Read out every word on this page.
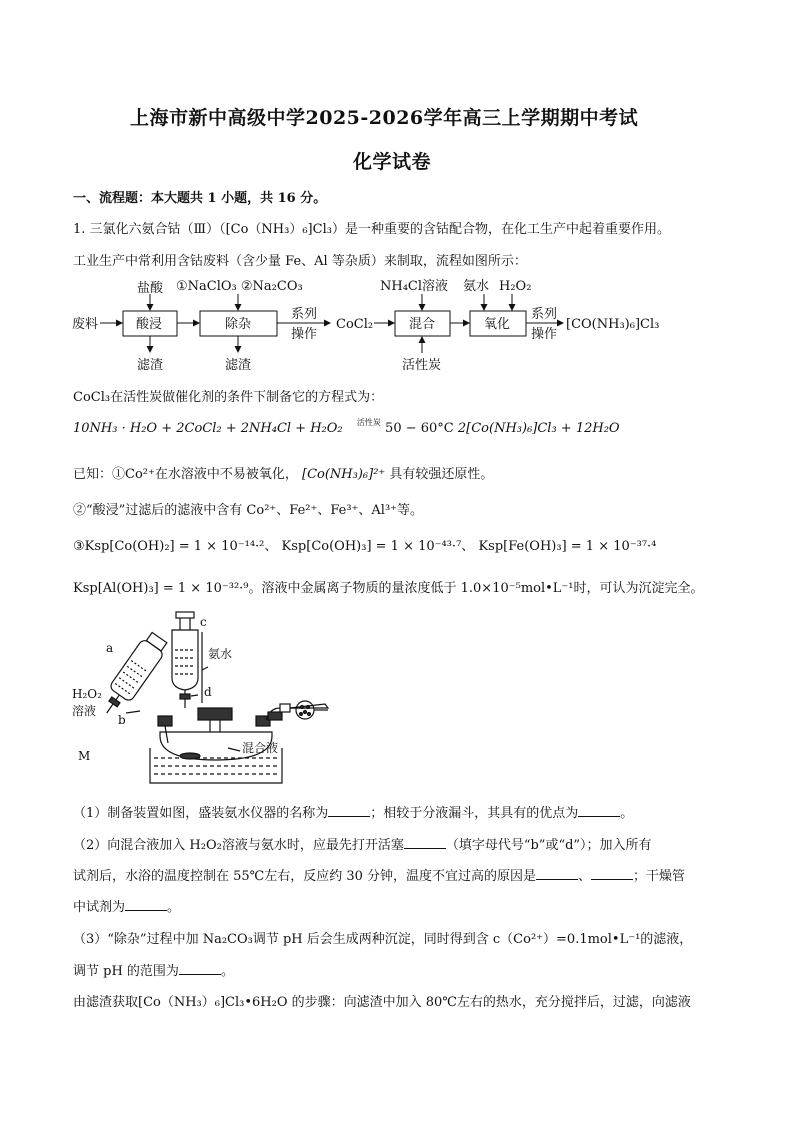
上海市新中高级中学2025-2026学年高三上学期期中考试
化学试卷
一、流程题：本大题共 1 小题，共 16 分。
1. 三氯化六氨合钴（Ⅲ）（[Co（NH₃）₆]Cl₃）是一种重要的含钴配合物，在化工生产中起着重要作用。
工业生产中常利用含钴废料（含少量 Fe、Al 等杂质）来制取，流程如图所示：
废料
盐酸
酸浸
①NaClO₃ ②Na₂CO₃
除杂
系列
操作
CoCl₂
NH₄Cl溶液
混合
氨水 H₂O₂
氧化
系列
操作
[CO(NH₃)₆]Cl₃
滤渣	滤渣	活性炭
CoCl₃在活性炭做催化剂的条件下制备它的方程式为：
10NH₃ · H₂O + 2CoCl₂ + 2NH₄Cl + H₂O₂ $^{活性炭}$ 50 − 60°C 2[Co(NH₃)₆]Cl₃ + 12H₂O
已知：①Co²⁺在水溶液中不易被氧化， [Co(NH₃)₆]²⁺ 具有较强还原性。
②“酸浸”过滤后的滤液中含有 Co²⁺、Fe²⁺、Fe³⁺、Al³⁺等。
③Ksp[Co(OH)₂] = 1 × 10⁻¹⁴·²、 Ksp[Co(OH)₃] = 1 × 10⁻⁴³·⁷、 Ksp[Fe(OH)₃] = 1 × 10⁻³⁷·⁴
Ksp[Al(OH)₃] = 1 × 10⁻³²·⁹。溶液中金属离子物质的量浓度低于 1.0×10⁻⁵mol•L⁻¹时，可认为沉淀完全。
a
b
c
d
M
H₂O₂
溶液
氨水
混合液
（1）制备装置如图，盛装氨水仪器的名称为	；相较于分液漏斗，其具有的优点为	。
（2）向混合液加入 H₂O₂溶液与氨水时，应最先打开活塞	（填字母代号“b”或“d”）；加入所有
试剂后，水浴的温度控制在 55℃左右，反应约 30 分钟，温度不宜过高的原因是	、	；干燥管
中试剂为	。
（3）“除杂”过程中加 Na₂CO₃调节 pH 后会生成两种沉淀，同时得到含 c（Co²⁺）=0.1mol•L⁻¹的滤液，
调节 pH 的范围为	。
由滤渣获取[Co（NH₃）₆]Cl₃•6H₂O 的步骤：向滤渣中加入 80℃左右的热水，充分搅拌后，过滤，向滤液
